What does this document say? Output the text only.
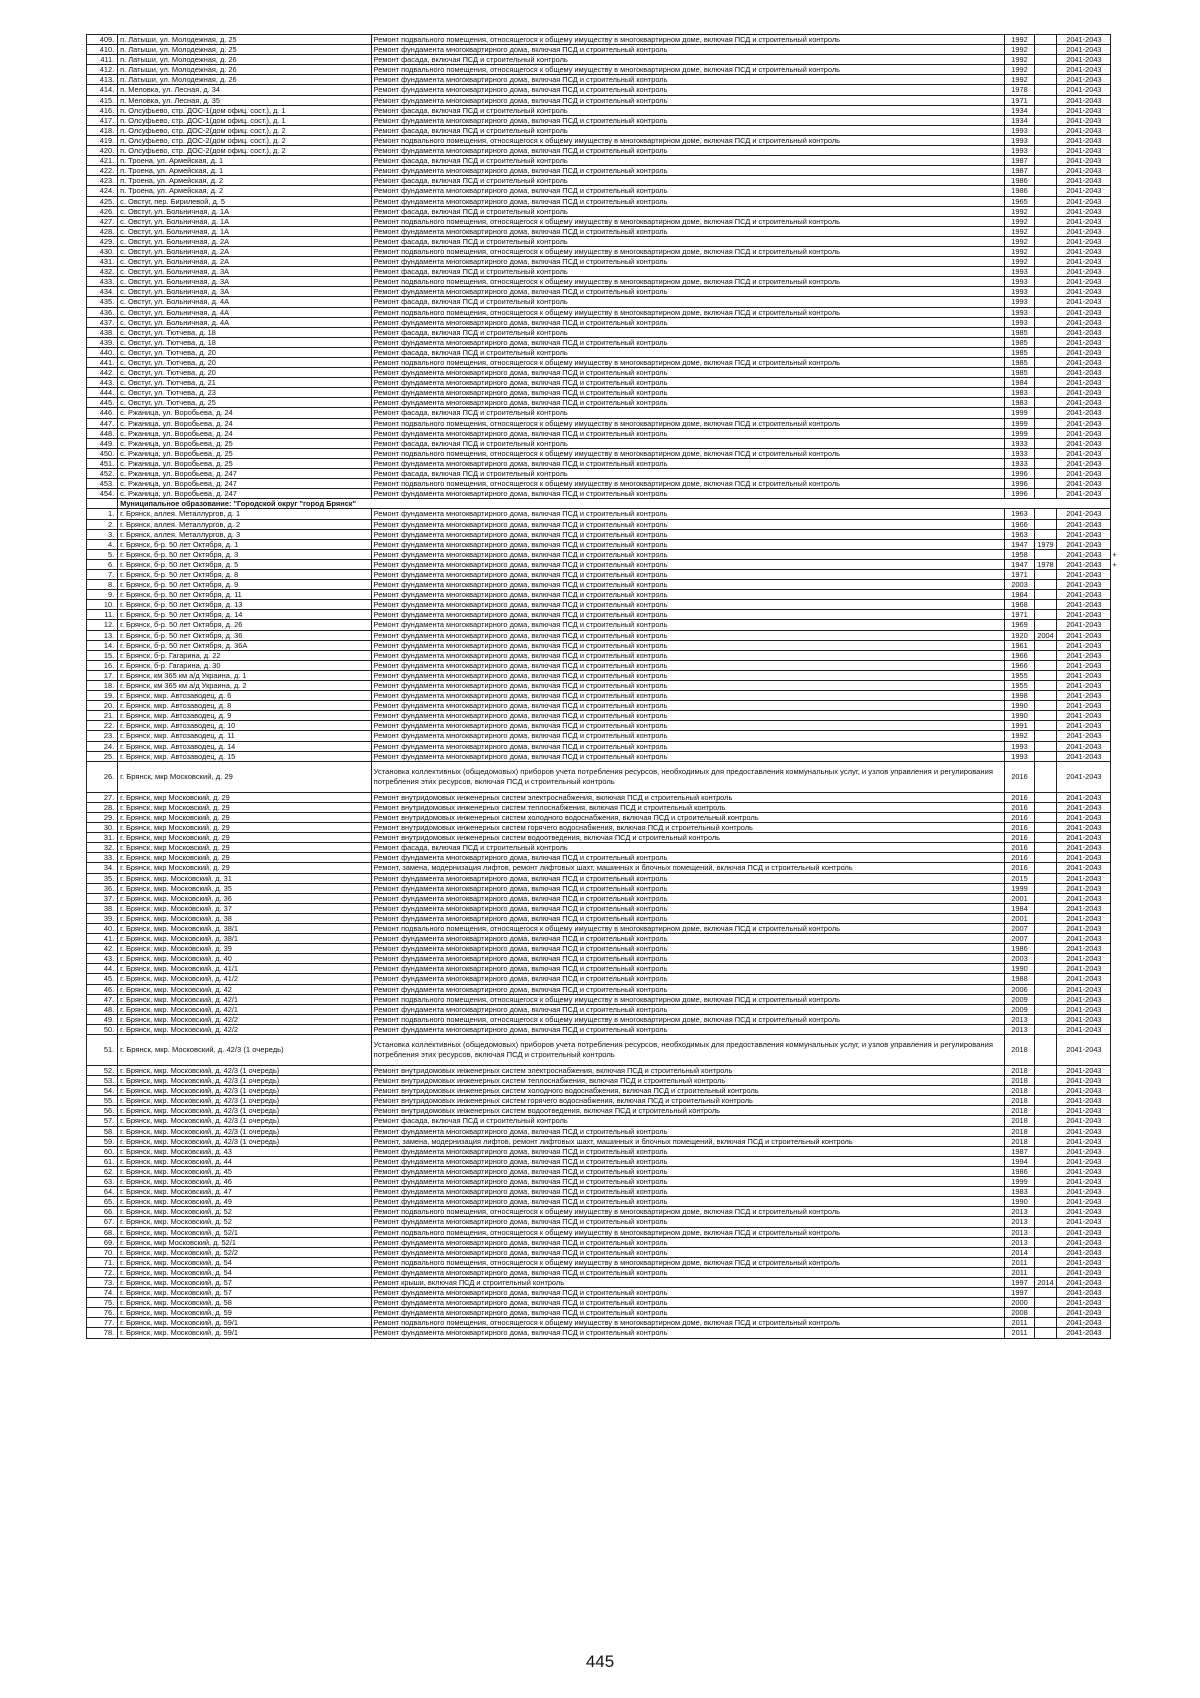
409.	п. Латыши, ул. Молодежная, д. 25	Ремонт подвального помещения, относящегося к общему имуществу в многоквартирном доме, включая ПСД и строительный контроль	1992		2041-2043	
410.	п. Латыши, ул. Молодежная, д. 25	Ремонт фундамента многоквартирного дома, включая ПСД и строительный контроль	1992		2041-2043	
411.	п. Латыши, ул. Молодежная, д. 26	Ремонт фасада, включая ПСД и строительный контроль	1992		2041-2043	
412.	п. Латыши, ул. Молодежная, д. 26	Ремонт подвального помещения, относящегося к общему имуществу в многоквартирном доме, включая ПСД и строительный контроль	1992		2041-2043	
413.	п. Латыши, ул. Молодежная, д. 26	Ремонт фундамента многоквартирного дома, включая ПСД и строительный контроль	1992		2041-2043	
414.	п. Меловка, ул. Лесная, д. 34	Ремонт фундамента многоквартирного дома, включая ПСД и строительный контроль	1978		2041-2043	
415.	п. Меловка, ул. Лесная, д. 35	Ремонт фундамента многоквартирного дома, включая ПСД и строительный контроль	1971		2041-2043	
416.	п. Олсуфьево, стр. ДОС-1(дом офиц. сост.), д. 1	Ремонт фасада, включая ПСД и строительный контроль	1934		2041-2043	
417.	п. Олсуфьево, стр. ДОС-1(дом офиц. сост.), д. 1	Ремонт фундамента многоквартирного дома, включая ПСД и строительный контроль	1934		2041-2043	
418.	п. Олсуфьево, стр. ДОС-2(дом офиц. сост.), д. 2	Ремонт фасада, включая ПСД и строительный контроль	1993		2041-2043	
419.	п. Олсуфьево, стр. ДОС-2(дом офиц. сост.), д. 2	Ремонт подвального помещения, относящегося к общему имуществу в многоквартирном доме, включая ПСД и строительный контроль	1993		2041-2043	
420.	п. Олсуфьево, стр. ДОС-2(дом офиц. сост.), д. 2	Ремонт фундамента многоквартирного дома, включая ПСД и строительный контроль	1993		2041-2043	
421.	п. Троена, ул. Армейская, д. 1	Ремонт фасада, включая ПСД и строительный контроль	1987		2041-2043	
422.	п. Троена, ул. Армейская, д. 1	Ремонт фундамента многоквартирного дома, включая ПСД и строительный контроль	1987		2041-2043	
423.	п. Троена, ул. Армейская, д. 2	Ремонт фасада, включая ПСД и строительный контроль	1986		2041-2043	
424.	п. Троена, ул. Армейская, д. 2	Ремонт фундамента многоквартирного дома, включая ПСД и строительный контроль	1986		2041-2043	
425.	с. Овстуг, пер. Бирилевой, д. 5	Ремонт фундамента многоквартирного дома, включая ПСД и строительный контроль	1965		2041-2043	
426.	с. Овстуг, ул. Больничная, д. 1А	Ремонт фасада, включая ПСД и строительный контроль	1992		2041-2043	
427.	с. Овстуг, ул. Больничная, д. 1А	Ремонт подвального помещения, относящегося к общему имуществу в многоквартирном доме, включая ПСД и строительный контроль	1992		2041-2043	
428.	с. Овстуг, ул. Больничная, д. 1А	Ремонт фундамента многоквартирного дома, включая ПСД и строительный контроль	1992		2041-2043	
429.	с. Овстуг, ул. Больничная, д. 2А	Ремонт фасада, включая ПСД и строительный контроль	1992		2041-2043	
430.	с. Овстуг, ул. Больничная, д. 2А	Ремонт подвального помещения, относящегося к общему имуществу в многоквартирном доме, включая ПСД и строительный контроль	1992		2041-2043	
431.	с. Овстуг, ул. Больничная, д. 2А	Ремонт фундамента многоквартирного дома, включая ПСД и строительный контроль	1992		2041-2043	
432.	с. Овстуг, ул. Больничная, д. 3А	Ремонт фасада, включая ПСД и строительный контроль	1993		2041-2043	
433.	с. Овстуг, ул. Больничная, д. 3А	Ремонт подвального помещения, относящегося к общему имуществу в многоквартирном доме, включая ПСД и строительный контроль	1993		2041-2043	
434.	с. Овстуг, ул. Больничная, д. 3А	Ремонт фундамента многоквартирного дома, включая ПСД и строительный контроль	1993		2041-2043	
435.	с. Овстуг, ул. Больничная, д. 4А	Ремонт фасада, включая ПСД и строительный контроль	1993		2041-2043	
436.	с. Овстуг, ул. Больничная, д. 4А	Ремонт подвального помещения, относящегося к общему имуществу в многоквартирном доме, включая ПСД и строительный контроль	1993		2041-2043	
437.	с. Овстуг, ул. Больничная, д. 4А	Ремонт фундамента многоквартирного дома, включая ПСД и строительный контроль	1993		2041-2043	
438.	с. Овстуг, ул. Тютчева, д. 18	Ремонт фасада, включая ПСД и строительный контроль	1985		2041-2043	
439.	с. Овстуг, ул. Тютчева, д. 18	Ремонт фундамента многоквартирного дома, включая ПСД и строительный контроль	1985		2041-2043	
440.	с. Овстуг, ул. Тютчева, д. 20	Ремонт фасада, включая ПСД и строительный контроль	1985		2041-2043	
441.	с. Овстуг, ул. Тютчева, д. 20	Ремонт подвального помещения, относящегося к общему имуществу в многоквартирном доме, включая ПСД и строительный контроль	1985		2041-2043	
442.	с. Овстуг, ул. Тютчева, д. 20	Ремонт фундамента многоквартирного дома, включая ПСД и строительный контроль	1985		2041-2043	
443.	с. Овстуг, ул. Тютчева, д. 21	Ремонт фундамента многоквартирного дома, включая ПСД и строительный контроль	1984		2041-2043	
444.	с. Овстуг, ул. Тютчева, д. 23	Ремонт фундамента многоквартирного дома, включая ПСД и строительный контроль	1983		2041-2043	
445.	с. Овстуг, ул. Тютчева, д. 25	Ремонт фундамента многоквартирного дома, включая ПСД и строительный контроль	1983		2041-2043	
446.	с. Ржаница, ул. Воробьева, д. 24	Ремонт фасада, включая ПСД и строительный контроль	1999		2041-2043	
447.	с. Ржаница, ул. Воробьева, д. 24	Ремонт подвального помещения, относящегося к общему имуществу в многоквартирном доме, включая ПСД и строительный контроль	1999		2041-2043	
448.	с. Ржаница, ул. Воробьева, д. 24	Ремонт фундамента многоквартирного дома, включая ПСД и строительный контроль	1999		2041-2043	
449.	с. Ржаница, ул. Воробьева, д. 25	Ремонт фасада, включая ПСД и строительный контроль	1933		2041-2043	
450.	с. Ржаница, ул. Воробьева, д. 25	Ремонт подвального помещения, относящегося к общему имуществу в многоквартирном доме, включая ПСД и строительный контроль	1933		2041-2043	
451.	с. Ржаница, ул. Воробьева, д. 25	Ремонт фундамента многоквартирного дома, включая ПСД и строительный контроль	1933		2041-2043	
452.	с. Ржаница, ул. Воробьева, д. 247	Ремонт фасада, включая ПСД и строительный контроль	1996		2041-2043	
453.	с. Ржаница, ул. Воробьева, д. 247	Ремонт подвального помещения, относящегося к общему имуществу в многоквартирном доме, включая ПСД и строительный контроль	1996		2041-2043	
454.	с. Ржаница, ул. Воробьева, д. 247	Ремонт фундамента многоквартирного дома, включая ПСД и строительный контроль	1996		2041-2043	
	Муниципальное образование: "Городской округ "город Брянск"					
1.	г. Брянск, аллея. Металлургов, д. 1	Ремонт фундамента многоквартирного дома, включая ПСД и строительный контроль	1963		2041-2043	
2.	г. Брянск, аллея. Металлургов, д. 2	Ремонт фундамента многоквартирного дома, включая ПСД и строительный контроль	1966		2041-2043	
3.	г. Брянск, аллея. Металлургов, д. 3	Ремонт фундамента многоквартирного дома, включая ПСД и строительный контроль	1963		2041-2043	
4.	г. Брянск, б-р. 50 лет Октября, д. 1	Ремонт фундамента многоквартирного дома, включая ПСД и строительный контроль	1947	1979	2041-2043	
5.	г. Брянск, б-р. 50 лет Октября, д. 3	Ремонт фундамента многоквартирного дома, включая ПСД и строительный контроль	1958		2041-2043	+
6.	г. Брянск, б-р. 50 лет Октября, д. 5	Ремонт фундамента многоквартирного дома, включая ПСД и строительный контроль	1947	1978	2041-2043	+
7.	г. Брянск, б-р. 50 лет Октября, д. 8	Ремонт фундамента многоквартирного дома, включая ПСД и строительный контроль	1971		2041-2043	
8.	г. Брянск, б-р. 50 лет Октября, д. 9	Ремонт фундамента многоквартирного дома, включая ПСД и строительный контроль	2003		2041-2043	
9.	г. Брянск, б-р. 50 лет Октября, д. 11	Ремонт фундамента многоквартирного дома, включая ПСД и строительный контроль	1964		2041-2043	
10.	г. Брянск, б-р. 50 лет Октября, д. 13	Ремонт фундамента многоквартирного дома, включая ПСД и строительный контроль	1968		2041-2043	
11.	г. Брянск, б-р. 50 лет Октября, д. 14	Ремонт фундамента многоквартирного дома, включая ПСД и строительный контроль	1971		2041-2043	
12.	г. Брянск, б-р. 50 лет Октября, д. 26	Ремонт фундамента многоквартирного дома, включая ПСД и строительный контроль	1969		2041-2043	
13.	г. Брянск, б-р. 50 лет Октября, д. 36	Ремонт фундамента многоквартирного дома, включая ПСД и строительный контроль	1920	2004	2041-2043	
14.	г. Брянск, б-р. 50 лет Октября, д. 36А	Ремонт фундамента многоквартирного дома, включая ПСД и строительный контроль	1961		2041-2043	
15.	г. Брянск, б-р. Гагарина, д. 22	Ремонт фундамента многоквартирного дома, включая ПСД и строительный контроль	1966		2041-2043	
16.	г. Брянск, б-р. Гагарина, д. 30	Ремонт фундамента многоквартирного дома, включая ПСД и строительный контроль	1966		2041-2043	
17.	г. Брянск, км 365 км а/д Украина, д. 1	Ремонт фундамента многоквартирного дома, включая ПСД и строительный контроль	1955		2041-2043	
18.	г. Брянск, км 365 км а/д Украина, д. 2	Ремонт фундамента многоквартирного дома, включая ПСД и строительный контроль	1955		2041-2043	
19.	г. Брянск, мкр. Автозаводец, д. 6	Ремонт фундамента многоквартирного дома, включая ПСД и строительный контроль	1998		2041-2043	
20.	г. Брянск, мкр. Автозаводец, д. 8	Ремонт фундамента многоквартирного дома, включая ПСД и строительный контроль	1990		2041-2043	
21.	г. Брянск, мкр. Автозаводец, д. 9	Ремонт фундамента многоквартирного дома, включая ПСД и строительный контроль	1990		2041-2043	
22.	г. Брянск, мкр. Автозаводец, д. 10	Ремонт фундамента многоквартирного дома, включая ПСД и строительный контроль	1991		2041-2043	
23.	г. Брянск, мкр. Автозаводец, д. 11	Ремонт фундамента многоквартирного дома, включая ПСД и строительный контроль	1992		2041-2043	
24.	г. Брянск, мкр. Автозаводец, д. 14	Ремонт фундамента многоквартирного дома, включая ПСД и строительный контроль	1993		2041-2043	
25.	г. Брянск, мкр. Автозаводец, д. 15	Ремонт фундамента многоквартирного дома, включая ПСД и строительный контроль	1993		2041-2043	
26.	г. Брянск, мкр Московский, д. 29	Установка коллективных (общедомовых) приборов учета потребления ресурсов, необходимых для предоставления коммунальных услуг, и узлов управления и регулирования потребления этих ресурсов, включая ПСД и строительный контроль	2016		2041-2043	
27.	г. Брянск, мкр Московский, д. 29	Ремонт внутридомовых инженерных систем электроснабжения, включая ПСД и строительный контроль	2016		2041-2043	
28.	г. Брянск, мкр Московский, д. 29	Ремонт внутридомовых инженерных систем теплоснабжения, включая ПСД и строительный контроль	2016		2041-2043	
29.	г. Брянск, мкр Московский, д. 29	Ремонт внутридомовых инженерных систем холодного водоснабжения, включая ПСД и строительный контроль	2016		2041-2043	
30.	г. Брянск, мкр Московский, д. 29	Ремонт внутридомовых инженерных систем горячего водоснабжения, включая ПСД и строительный контроль	2016		2041-2043	
31.	г. Брянск, мкр Московский, д. 29	Ремонт внутридомовых инженерных систем водоотведения, включая ПСД и строительный контроль	2016		2041-2043	
32.	г. Брянск, мкр Московский, д. 29	Ремонт фасада, включая ПСД и строительный контроль	2016		2041-2043	
33.	г. Брянск, мкр Московский, д. 29	Ремонт фундамента многоквартирного дома, включая ПСД и строительный контроль	2016		2041-2043	
34.	г. Брянск, мкр Московский, д. 29	Ремонт, замена, модернизация лифтов, ремонт лифтовых шахт, машинных и блочных помещений, включая ПСД и строительный контроль	2016		2041-2043	
35.	г. Брянск, мкр. Московский, д. 31	Ремонт фундамента многоквартирного дома, включая ПСД и строительный контроль	2015		2041-2043	
36.	г. Брянск, мкр. Московский, д. 35	Ремонт фундамента многоквартирного дома, включая ПСД и строительный контроль	1999		2041-2043	
37.	г. Брянск, мкр. Московский, д. 36	Ремонт фундамента многоквартирного дома, включая ПСД и строительный контроль	2001		2041-2043	
38.	г. Брянск, мкр. Московский, д. 37	Ремонт фундамента многоквартирного дома, включая ПСД и строительный контроль	1984		2041-2043	
39.	г. Брянск, мкр. Московский, д. 38	Ремонт фундамента многоквартирного дома, включая ПСД и строительный контроль	2001		2041-2043	
40.	г. Брянск, мкр. Московский, д. 38/1	Ремонт подвального помещения, относящегося к общему имуществу в многоквартирном доме, включая ПСД и строительный контроль	2007		2041-2043	
41.	г. Брянск, мкр. Московский, д. 38/1	Ремонт фундамента многоквартирного дома, включая ПСД и строительный контроль	2007		2041-2043	
42.	г. Брянск, мкр. Московский, д. 39	Ремонт фундамента многоквартирного дома, включая ПСД и строительный контроль	1986		2041-2043	
43.	г. Брянск, мкр. Московский, д. 40	Ремонт фундамента многоквартирного дома, включая ПСД и строительный контроль	2003		2041-2043	
44.	г. Брянск, мкр. Московский, д. 41/1	Ремонт фундамента многоквартирного дома, включая ПСД и строительный контроль	1990		2041-2043	
45.	г. Брянск, мкр. Московский, д. 41/2	Ремонт фундамента многоквартирного дома, включая ПСД и строительный контроль	1988		2041-2043	
46.	г. Брянск, мкр. Московский, д. 42	Ремонт фундамента многоквартирного дома, включая ПСД и строительный контроль	2006		2041-2043	
47.	г. Брянск, мкр. Московский, д. 42/1	Ремонт подвального помещения, относящегося к общему имуществу в многоквартирном доме, включая ПСД и строительный контроль	2009		2041-2043	
48.	г. Брянск, мкр. Московский, д. 42/1	Ремонт фундамента многоквартирного дома, включая ПСД и строительный контроль	2009		2041-2043	
49.	г. Брянск, мкр. Московский, д. 42/2	Ремонт подвального помещения, относящегося к общему имуществу в многоквартирном доме, включая ПСД и строительный контроль	2013		2041-2043	
50.	г. Брянск, мкр. Московский, д. 42/2	Ремонт фундамента многоквартирного дома, включая ПСД и строительный контроль	2013		2041-2043	
51.	г. Брянск, мкр. Московский, д. 42/3 (1 очередь)	Установка коллективных (общедомовых) приборов учета потребления ресурсов, необходимых для предоставления коммунальных услуг, и узлов управления и регулирования потребления этих ресурсов, включая ПСД и строительный контроль	2018		2041-2043	
52.	г. Брянск, мкр. Московский, д. 42/3 (1 очередь)	Ремонт внутридомовых инженерных систем электроснабжения, включая ПСД и строительный контроль	2018		2041-2043	
53.	г. Брянск, мкр. Московский, д. 42/3 (1 очередь)	Ремонт внутридомовых инженерных систем теплоснабжения, включая ПСД и строительный контроль	2018		2041-2043	
54.	г. Брянск, мкр. Московский, д. 42/3 (1 очередь)	Ремонт внутридомовых инженерных систем холодного водоснабжения, включая ПСД и строительный контроль	2018		2041-2043	
55.	г. Брянск, мкр. Московский, д. 42/3 (1 очередь)	Ремонт внутридомовых инженерных систем горячего водоснабжения, включая ПСД и строительный контроль	2018		2041-2043	
56.	г. Брянск, мкр. Московский, д. 42/3 (1 очередь)	Ремонт внутридомовых инженерных систем водоотведения, включая ПСД и строительный контроль	2018		2041-2043	
57.	г. Брянск, мкр. Московский, д. 42/3 (1 очередь)	Ремонт фасада, включая ПСД и строительный контроль	2018		2041-2043	
58.	г. Брянск, мкр. Московский, д. 42/3 (1 очередь)	Ремонт фундамента многоквартирного дома, включая ПСД и строительный контроль	2018		2041-2043	
59.	г. Брянск, мкр. Московский, д. 42/3 (1 очередь)	Ремонт, замена, модернизация лифтов, ремонт лифтовых шахт, машинных и блочных помещений, включая ПСД и строительный контроль	2018		2041-2043	
60.	г. Брянск, мкр. Московский, д. 43	Ремонт фундамента многоквартирного дома, включая ПСД и строительный контроль	1987		2041-2043	
61.	г. Брянск, мкр. Московский, д. 44	Ремонт фундамента многоквартирного дома, включая ПСД и строительный контроль	1994		2041-2043	
62.	г. Брянск, мкр. Московский, д. 45	Ремонт фундамента многоквартирного дома, включая ПСД и строительный контроль	1986		2041-2043	
63.	г. Брянск, мкр. Московский, д. 46	Ремонт фундамента многоквартирного дома, включая ПСД и строительный контроль	1999		2041-2043	
64.	г. Брянск, мкр. Московский, д. 47	Ремонт фундамента многоквартирного дома, включая ПСД и строительный контроль	1983		2041-2043	
65.	г. Брянск, мкр. Московский, д. 49	Ремонт фундамента многоквартирного дома, включая ПСД и строительный контроль	1990		2041-2043	
66.	г. Брянск, мкр. Московский, д. 52	Ремонт подвального помещения, относящегося к общему имуществу в многоквартирном доме, включая ПСД и строительный контроль	2013		2041-2043	
67.	г. Брянск, мкр. Московский, д. 52	Ремонт фундамента многоквартирного дома, включая ПСД и строительный контроль	2013		2041-2043	
68.	г. Брянск, мкр. Московский, д. 52/1	Ремонт подвального помещения, относящегося к общему имуществу в многоквартирном доме, включая ПСД и строительный контроль	2013		2041-2043	
69.	г. Брянск, мкр Московский, д. 52/1	Ремонт фундамента многоквартирного дома, включая ПСД и строительный контроль	2013		2041-2043	
70.	г. Брянск, мкр. Московский, д. 52/2	Ремонт фундамента многоквартирного дома, включая ПСД и строительный контроль	2014		2041-2043	
71.	г. Брянск, мкр. Московский, д. 54	Ремонт подвального помещения, относящегося к общему имуществу в многоквартирном доме, включая ПСД и строительный контроль	2011		2041-2043	
72.	г. Брянск, мкр. Московский, д. 54	Ремонт фундамента многоквартирного дома, включая ПСД и строительный контроль	2011		2041-2043	
73.	г. Брянск, мкр. Московский, д. 57	Ремонт крыши, включая ПСД и строительный контроль	1997	2014	2041-2043	
74.	г. Брянск, мкр. Московский, д. 57	Ремонт фундамента многоквартирного дома, включая ПСД и строительный контроль	1997		2041-2043	
75.	г. Брянск, мкр. Московский, д. 58	Ремонт фундамента многоквартирного дома, включая ПСД и строительный контроль	2000		2041-2043	
76.	г. Брянск, мкр. Московский, д. 59	Ремонт фундамента многоквартирного дома, включая ПСД и строительный контроль	2008		2041-2043	
77.	г. Брянск, мкр. Московский, д. 59/1	Ремонт подвального помещения, относящегося к общему имуществу в многоквартирном доме, включая ПСД и строительный контроль	2011		2041-2043	
78.	г. Брянск, мкр. Московский, д. 59/1	Ремонт фундамента многоквартирного дома, включая ПСД и строительный контроль	2011		2041-2043	
445
